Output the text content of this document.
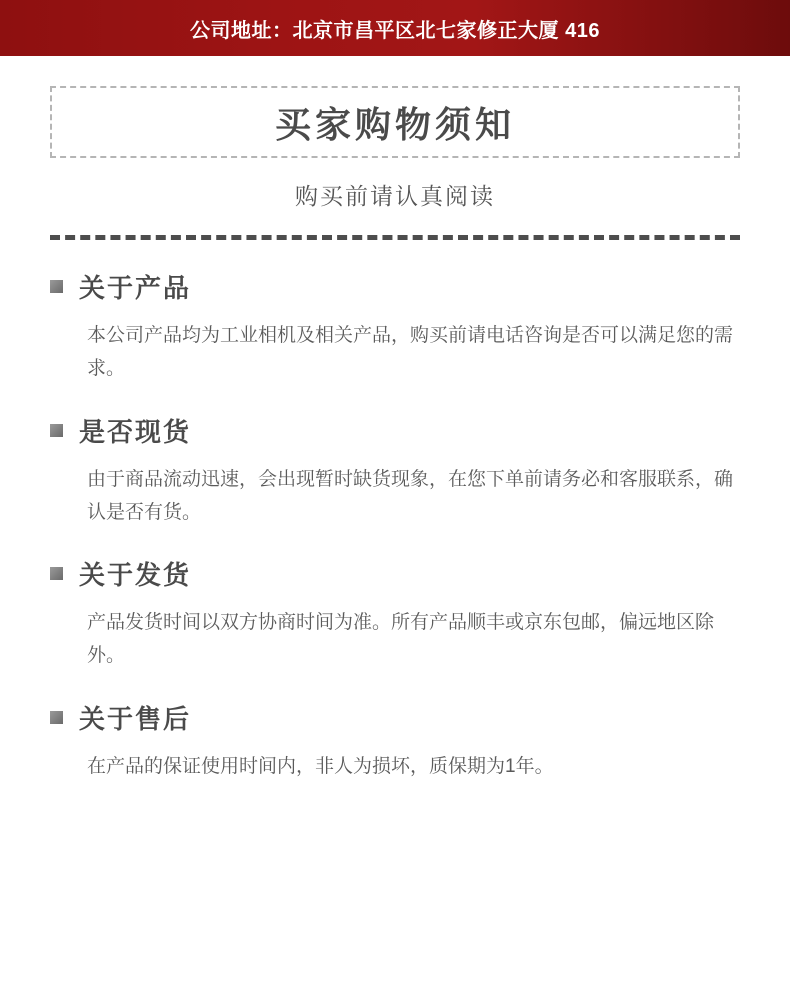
公司地址：北京市昌平区北七家修正大厦 416
买家购物须知
购买前请认真阅读
关于产品
本公司产品均为工业相机及相关产品，购买前请电话咨询是否可以满足您的需求。
是否现货
由于商品流动迅速，会出现暂时缺货现象，在您下单前请务必和客服联系，确认是否有货。
关于发货
产品发货时间以双方协商时间为准。所有产品顺丰或京东包邮，偏远地区除外。
关于售后
在产品的保证使用时间内，非人为损坏，质保期为1年。
